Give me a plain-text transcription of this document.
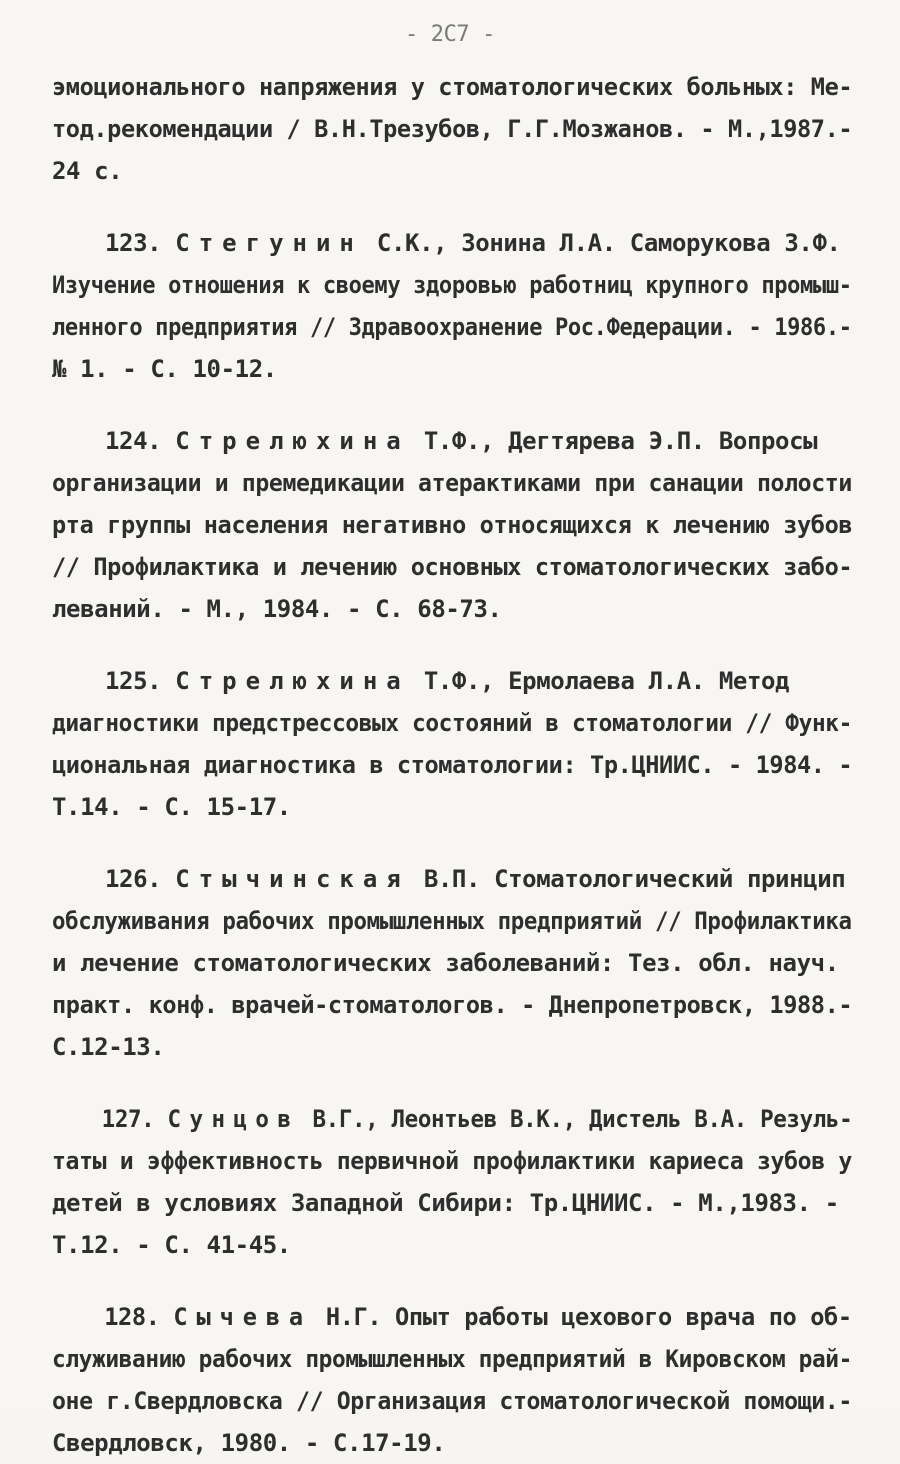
- 2С7 -
эмоционального напряжения у стоматологических больных: Ме-
тод.рекомендации / В.Н.Трезубов, Г.Г.Мозжанов. - М.,1987.-
24 с.
123. Стегунин С.К., Зонина Л.А. Саморукова З.Ф.
Изучение отношения к своему здоровью работниц крупного промыш-
ленного предприятия // Здравоохранение Рос.Федерации. - 1986.-
№ 1. - С. 10-12.
124. Стрелюхина Т.Ф., Дегтярева Э.П. Вопросы
организации и премедикации атерактиками при санации полости
рта группы населения негативно относящихся к лечению зубов
// Профилактика и лечению основных стоматологических забо-
леваний. - М., 1984. - С. 68-73.
125. Стрелюхина Т.Ф., Ермолаева Л.А. Метод
диагностики предстрессовых состояний в стоматологии // Функ-
циональная диагностика в стоматологии: Тр.ЦНИИС. - 1984. -
Т.14. - С. 15-17.
126. Стычинская В.П. Стоматологический принцип
обслуживания рабочих промышленных предприятий // Профилактика
и лечение стоматологических заболеваний: Тез. обл. науч.
практ. конф. врачей-стоматологов. - Днепропетровск, 1988.-
С.12-13.
127. Сунцов В.Г., Леонтьев В.К., Дистель В.А. Резуль-
таты и эффективность первичной профилактики кариеса зубов у
детей в условиях Западной Сибири: Тр.ЦНИИС. - М.,1983. -
Т.12. - С. 41-45.
128. Сычева Н.Г. Опыт работы цехового врача по об-
служиванию рабочих промышленных предприятий в Кировском рай-
оне г.Свердловска // Организация стоматологической помощи.-
Свердловск, 1980. - С.17-19.
